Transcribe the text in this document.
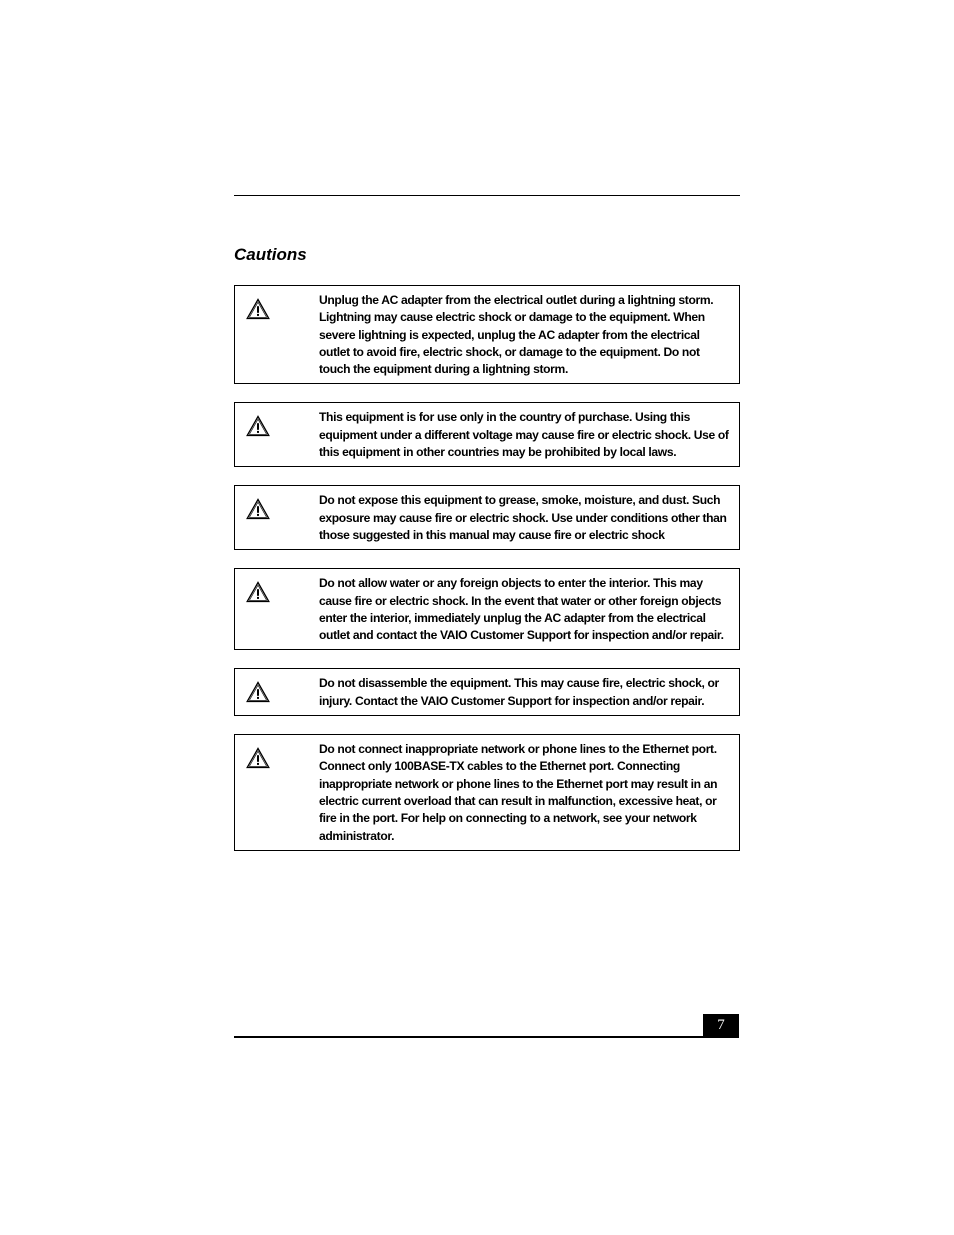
Cautions

Unplug the AC adapter from the electrical outlet during a lightning storm. Lightning may cause electric shock or damage to the equipment. When severe lightning is expected, unplug the AC adapter from the electrical outlet to avoid fire, electric shock, or damage to the equipment. Do not touch the equipment during a lightning storm.

This equipment is for use only in the country of purchase. Using this equipment under a different voltage may cause fire or electric shock. Use of this equipment in other countries may be prohibited by local laws.

Do not expose this equipment to grease, smoke, moisture, and dust. Such exposure may cause fire or electric shock. Use under conditions other than those suggested in this manual may cause fire or electric shock

Do not allow water or any foreign objects to enter the interior. This may cause fire or electric shock. In the event that water or other foreign objects enter the interior, immediately unplug the AC adapter from the electrical outlet and contact the VAIO Customer Support for inspection and/or repair.

Do not disassemble the equipment. This may cause fire, electric shock, or injury. Contact the VAIO Customer Support for inspection and/or repair.

Do not connect inappropriate network or phone lines to the Ethernet port. Connect only 100BASE-TX cables to the Ethernet port. Connecting inappropriate network or phone lines to the Ethernet port may result in an electric current overload that can result in malfunction, excessive heat, or fire in the port. For help on connecting to a network, see your network administrator.

7
